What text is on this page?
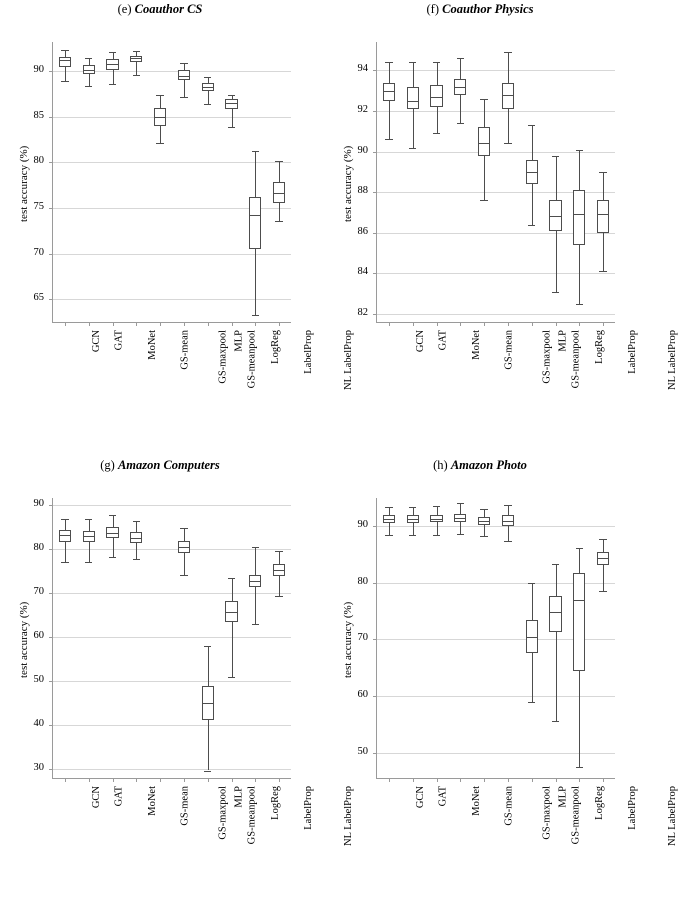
(e) Coauthor CS
65
70
75
80
85
90
test accuracy (%)
GCN GAT MoNet GS-mean	GS-maxpool GS-meanpool
MLP LogReg LabelProp	NL LabelProp
(f) Coauthor Physics
82
84
86
88
90
92
94
test accuracy (%)
GCN GAT MoNet GS-mean	GS-maxpool GS-meanpool
MLP LogReg LabelProp	NL LabelProp
(g) Amazon Computers
30
40
50
60
70
80
90
test accuracy (%)
GCN GAT MoNet GS-mean	GS-maxpool GS-meanpool
MLP LogReg LabelProp	NL LabelProp
(h) Amazon Photo
50
60
70
80
90
test accuracy (%)
GCN GAT MoNet GS-mean	GS-maxpool GS-meanpool
MLP LogReg LabelProp	NL LabelProp
